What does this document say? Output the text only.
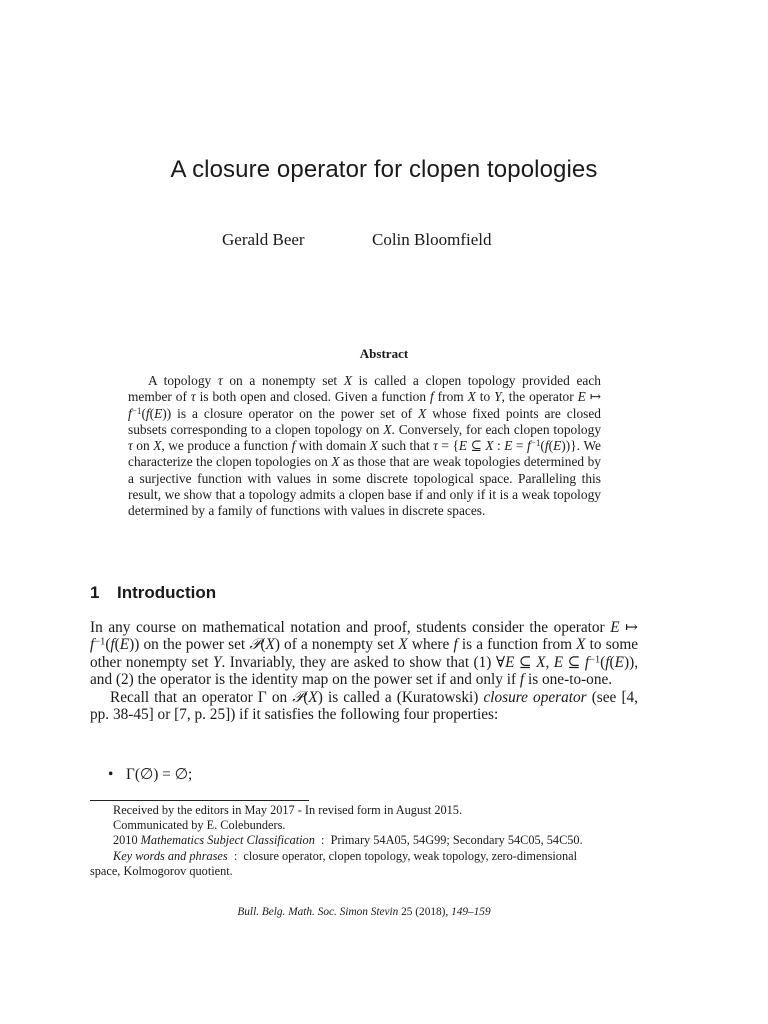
A closure operator for clopen topologies
Gerald Beer	Colin Bloomfield
Abstract

A topology τ on a nonempty set X is called a clopen topology provided each member of τ is both open and closed. Given a function f from X to Y, the operator E ↦ $f^{-1}(f(E))$ is a closure operator on the power set of X whose fixed points are closed subsets corresponding to a clopen topology on X. Conversely, for each clopen topology τ on X, we produce a function f with domain X such that τ = {E ⊆ X : $E = f^{-1}(f(E))$}. We characterize the clopen topologies on X as those that are weak topologies determined by a surjective function with values in some discrete topological space. Paralleling this result, we show that a topology admits a clopen base if and only if it is a weak topology determined by a family of functions with values in discrete spaces.

1 Introduction

In any course on mathematical notation and proof, students consider the operator E ↦ $f^{-1}(f(E))$ on the power set 𝒫(X) of a nonempty set X where f is a function from X to some other nonempty set Y. Invariably, they are asked to show that (1) ∀E ⊆ X, E ⊆ $f^{-1}(f(E))$, and (2) the operator is the identity map on the power set if and only if f is one-to-one.

Recall that an operator Γ on 𝒫(X) is called a (Kuratowski) closure operator (see [4, pp. 38-45] or [7, p. 25]) if it satisfies the following four properties:

• Γ(∅) = ∅;
Received by the editors in May 2017 - In revised form in August 2015.
Communicated by E. Colebunders.
2010 Mathematics Subject Classification  :  Primary 54A05, 54G99; Secondary 54C05, 54C50.
Key words and phrases  :  closure operator, clopen topology, weak topology, zero-dimensional
space, Kolmogorov quotient.
Bull. Belg. Math. Soc. Simon Stevin 25 (2018), 149–159
